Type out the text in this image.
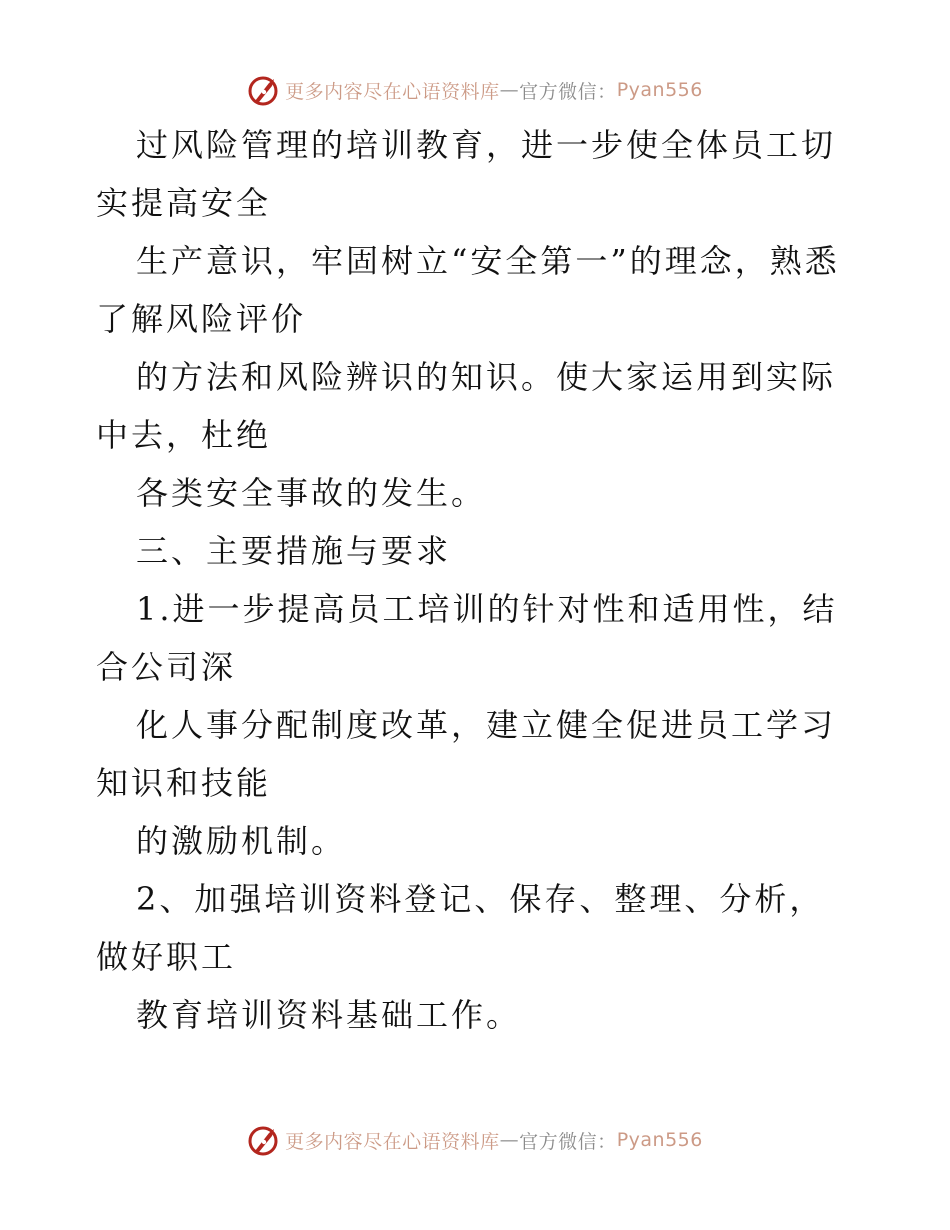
更多内容尽在心语资料库 — 官方微信： Pyan556

过风险管理的培训教育，进一步使全体员工切实提高安全

生产意识，牢固树立“安全第一”的理念，熟悉了解风险评价

的方法和风险辨识的知识。使大家运用到实际中去，杜绝

各类安全事故的发生。

三、主要措施与要求

1.进一步提高员工培训的针对性和适用性，结合公司深

化人事分配制度改革，建立健全促进员工学习知识和技能

的激励机制。

2、加强培训资料登记、保存、整理、分析，做好职工

教育培训资料基础工作。

更多内容尽在心语资料库 — 官方微信： Pyan556
